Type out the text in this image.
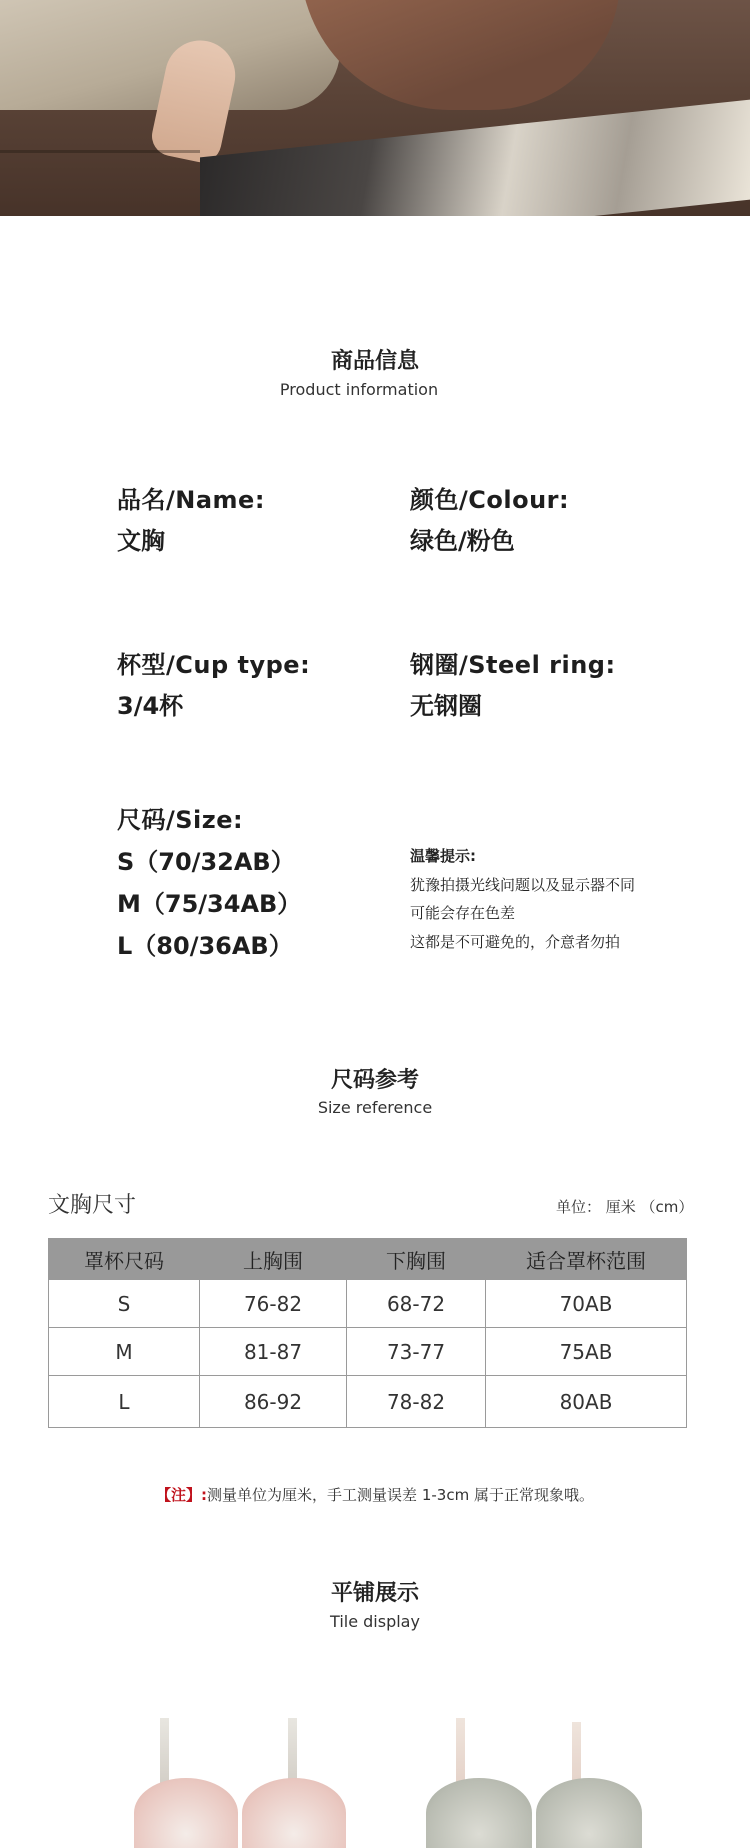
商品信息
Product information
品名/Name:
文胸
颜色/Colour:
绿色/粉色
杯型/Cup type:
3/4杯
钢圈/Steel ring:
无钢圈
尺码/Size:
S（70/32AB）
M（75/34AB）
L（80/36AB）
温馨提示:
犹豫拍摄光线问题以及显示器不同
可能会存在色差
这都是不可避免的，介意者勿拍
尺码参考
Size reference
文胸尺寸	单位： 厘米 （cm）
罩杯尺码	上胸围	下胸围	适合罩杯范围
S	76-82	68-72	70AB
M	81-87	73-77	75AB
L	86-92	78-82	80AB
【注】:测量单位为厘米，手工测量误差 1-3cm 属于正常现象哦。
平铺展示
Tile display
